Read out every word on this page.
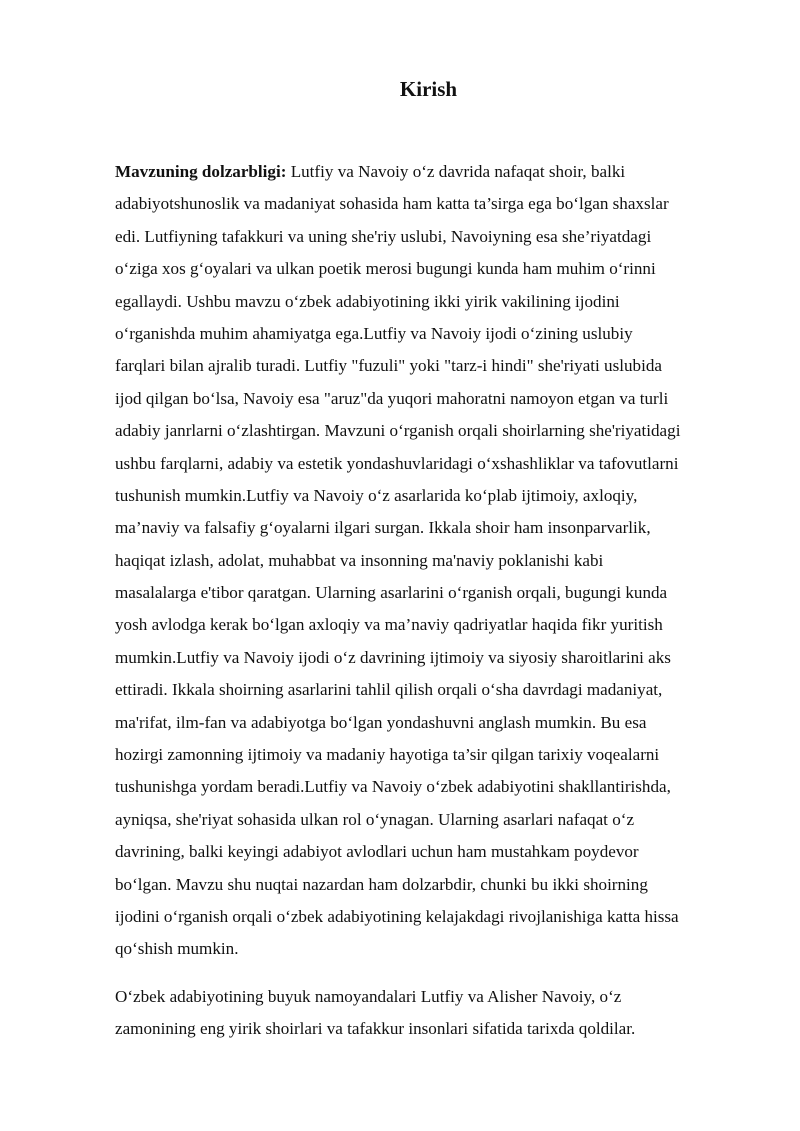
Kirish
Mavzuning dolzarbligi: Lutfiy va Navoiy o‘z davrida nafaqat shoir, balki
adabiyotshunoslik va madaniyat sohasida ham katta ta’sirga ega bo‘lgan shaxslar
edi. Lutfiyning tafakkuri va uning she'riy uslubi, Navoiyning esa she’riyatdagi
o‘ziga xos g‘oyalari va ulkan poetik merosi bugungi kunda ham muhim o‘rinni
egallaydi. Ushbu mavzu o‘zbek adabiyotining ikki yirik vakilining ijodini
o‘rganishda muhim ahamiyatga ega.Lutfiy va Navoiy ijodi o‘zining uslubiy
farqlari bilan ajralib turadi. Lutfiy "fuzuli" yoki "tarz-i hindi" she'riyati uslubida
ijod qilgan bo‘lsa, Navoiy esa "aruz"da yuqori mahoratni namoyon etgan va turli
adabiy janrlarni o‘zlashtirgan. Mavzuni o‘rganish orqali shoirlarning she'riyatidagi
ushbu farqlarni, adabiy va estetik yondashuvlaridagi o‘xshashliklar va tafovutlarni
tushunish mumkin.Lutfiy va Navoiy o‘z asarlarida ko‘plab ijtimoiy, axloqiy,
ma’naviy va falsafiy g‘oyalarni ilgari surgan. Ikkala shoir ham insonparvarlik,
haqiqat izlash, adolat, muhabbat va insonning ma'naviy poklanishi kabi
masalalarga e'tibor qaratgan. Ularning asarlarini o‘rganish orqali, bugungi kunda
yosh avlodga kerak bo‘lgan axloqiy va ma’naviy qadriyatlar haqida fikr yuritish
mumkin.Lutfiy va Navoiy ijodi o‘z davrining ijtimoiy va siyosiy sharoitlarini aks
ettiradi. Ikkala shoirning asarlarini tahlil qilish orqali o‘sha davrdagi madaniyat,
ma'rifat, ilm-fan va adabiyotga bo‘lgan yondashuvni anglash mumkin. Bu esa
hozirgi zamonning ijtimoiy va madaniy hayotiga ta’sir qilgan tarixiy voqealarni
tushunishga yordam beradi.Lutfiy va Navoiy o‘zbek adabiyotini shakllantirishda,
ayniqsa, she'riyat sohasida ulkan rol o‘ynagan. Ularning asarlari nafaqat o‘z
davrining, balki keyingi adabiyot avlodlari uchun ham mustahkam poydevor
bo‘lgan. Mavzu shu nuqtai nazardan ham dolzarbdir, chunki bu ikki shoirning
ijodini o‘rganish orqali o‘zbek adabiyotining kelajakdagi rivojlanishiga katta hissa
qo‘shish mumkin.
O‘zbek adabiyotining buyuk namoyandalari Lutfiy va Alisher Navoiy, o‘z
zamonining eng yirik shoirlari va tafakkur insonlari sifatida tarixda qoldilar.
